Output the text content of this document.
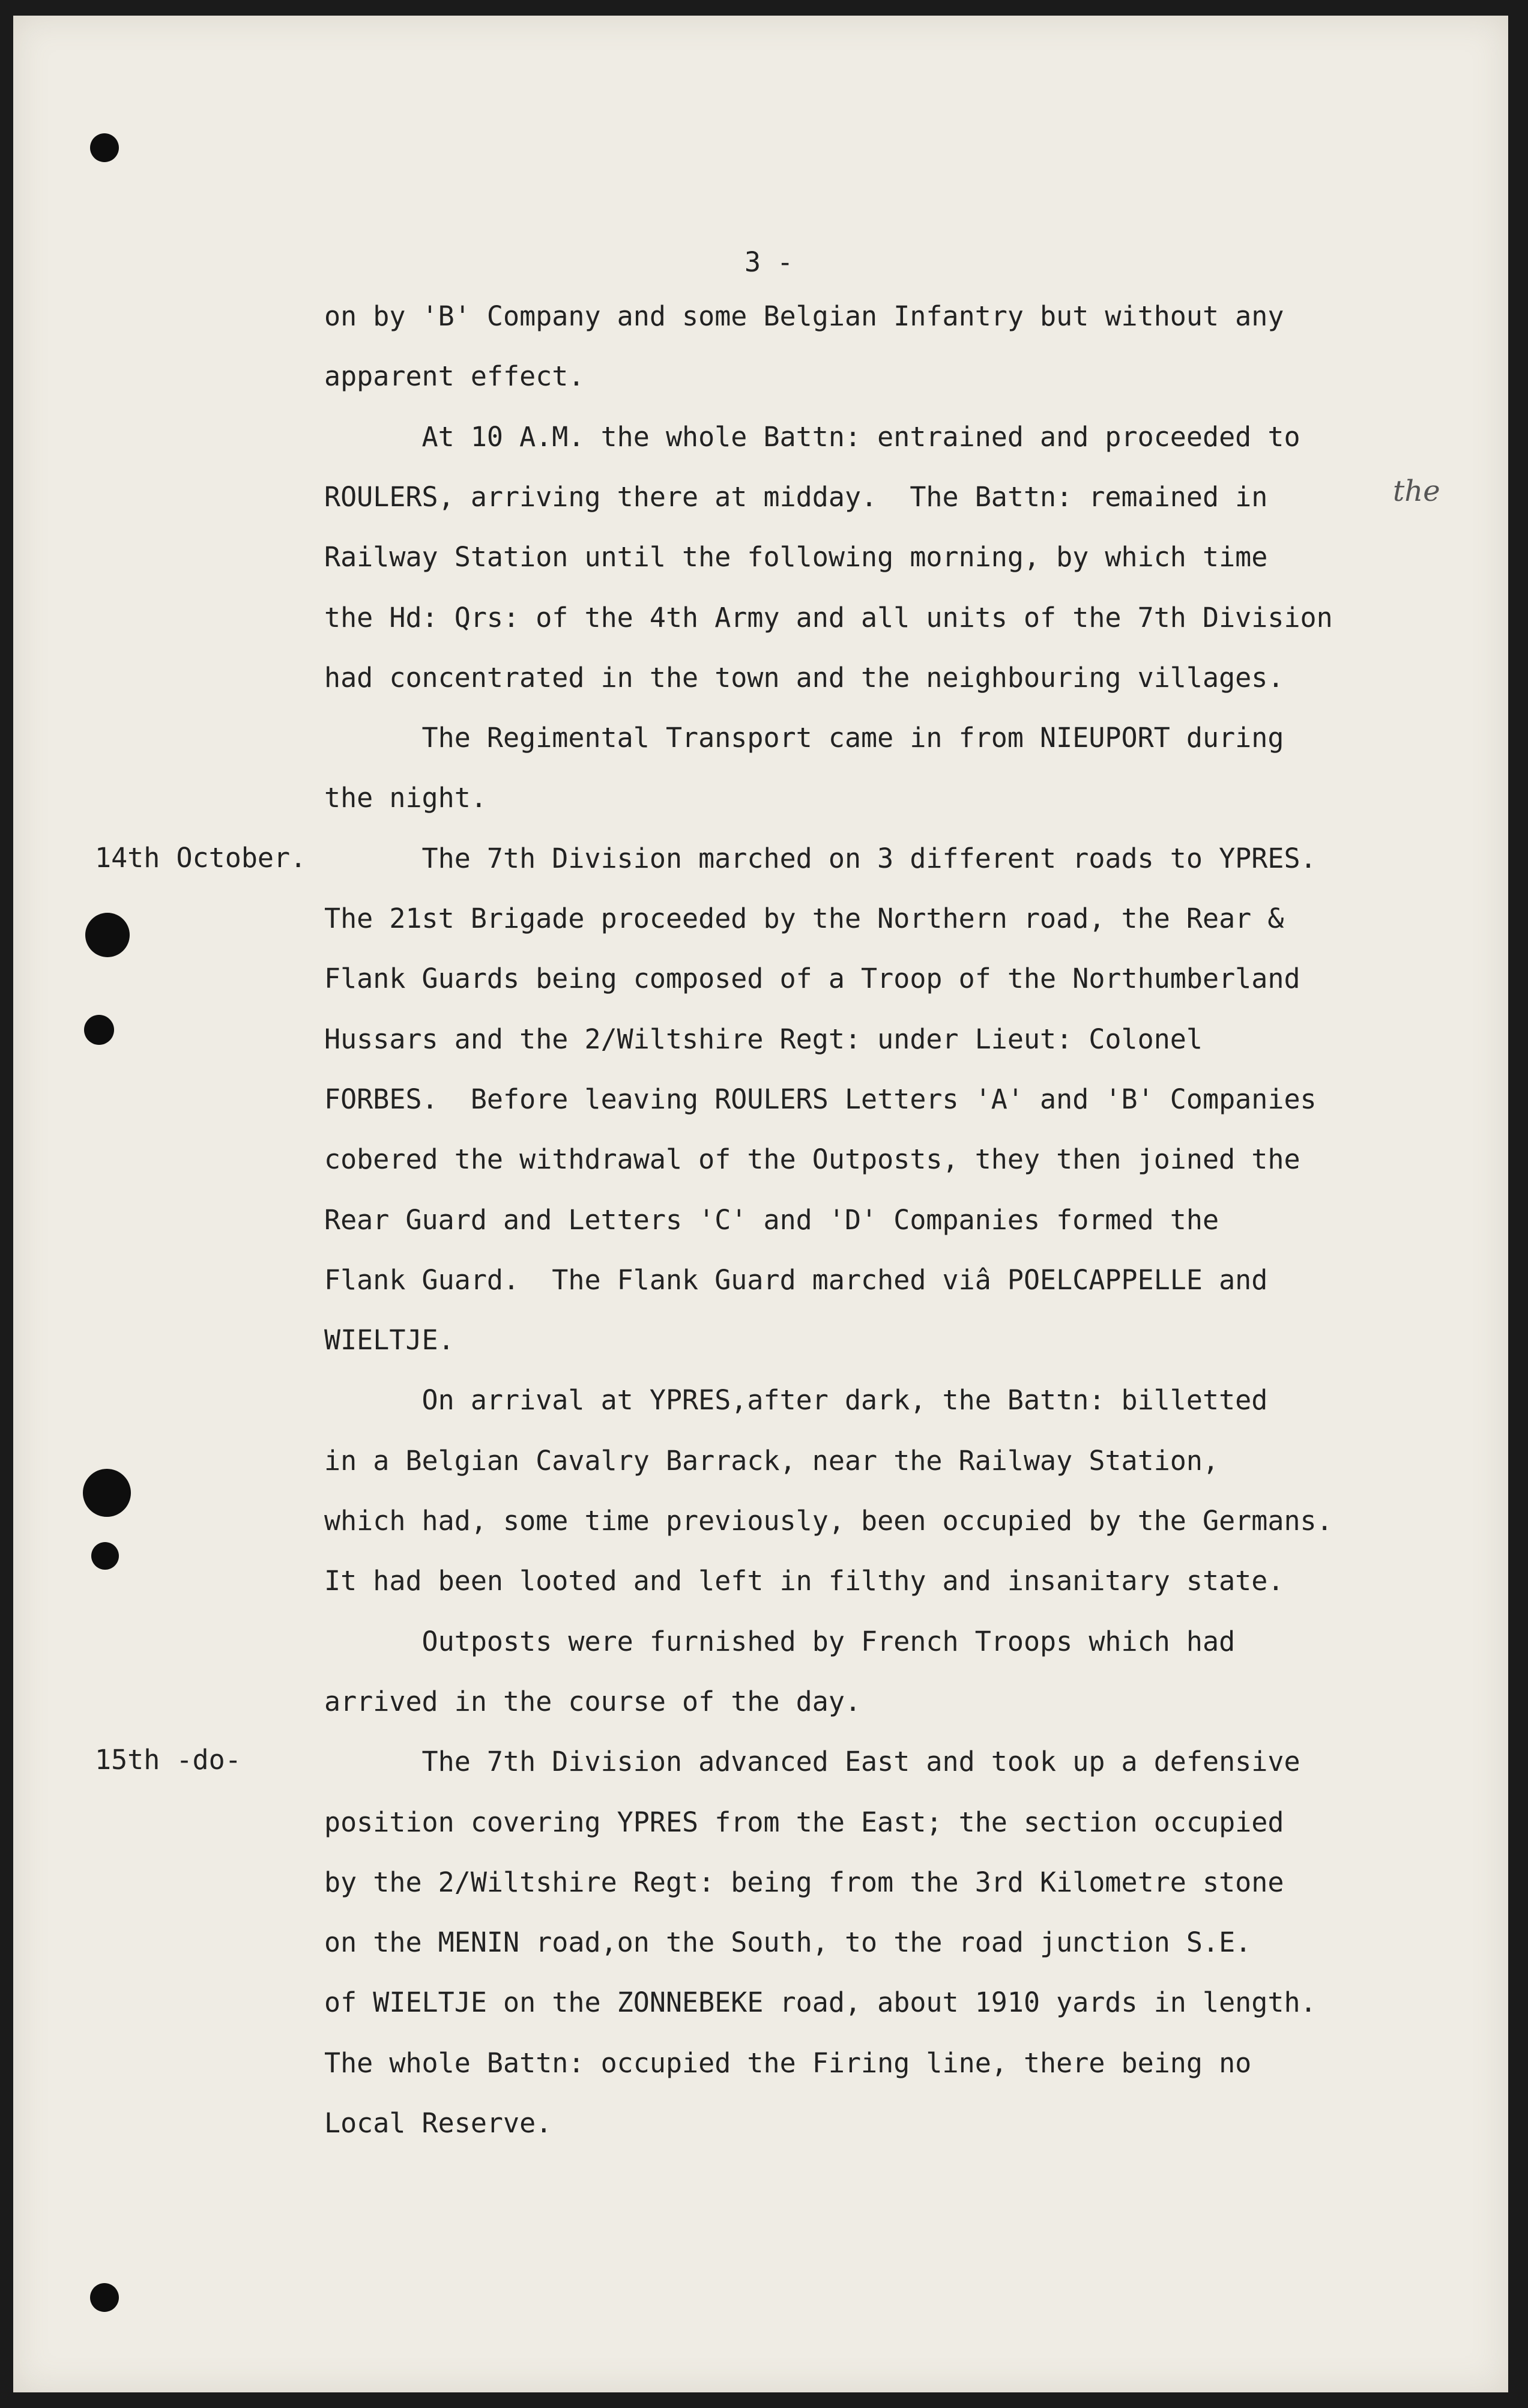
3 -
the
14th October.
15th -do-
on by 'B' Company and some Belgian Infantry but without any
apparent effect.
At 10 A.M. the whole Battn: entrained and proceeded to
ROULERS, arriving there at midday.  The Battn: remained in
Railway Station until the following morning, by which time
the Hd: Qrs: of the 4th Army and all units of the 7th Division
had concentrated in the town and the neighbouring villages.
The Regimental Transport came in from NIEUPORT during
the night.
The 7th Division marched on 3 different roads to YPRES.
The 21st Brigade proceeded by the Northern road, the Rear &
Flank Guards being composed of a Troop of the Northumberland
Hussars and the 2/Wiltshire Regt: under Lieut: Colonel
FORBES.  Before leaving ROULERS Letters 'A' and 'B' Companies
cobered the withdrawal of the Outposts, they then joined the
Rear Guard and Letters 'C' and 'D' Companies formed the
Flank Guard.  The Flank Guard marched viâ POELCAPPELLE and
WIELTJE.
On arrival at YPRES,after dark, the Battn: billetted
in a Belgian Cavalry Barrack, near the Railway Station,
which had, some time previously, been occupied by the Germans.
It had been looted and left in filthy and insanitary state.
Outposts were furnished by French Troops which had
arrived in the course of the day.
The 7th Division advanced East and took up a defensive
position covering YPRES from the East; the section occupied
by the 2/Wiltshire Regt: being from the 3rd Kilometre stone
on the MENIN road,on the South, to the road junction S.E.
of WIELTJE on the ZONNEBEKE road, about 1910 yards in length.
The whole Battn: occupied the Firing line, there being no
Local Reserve.
